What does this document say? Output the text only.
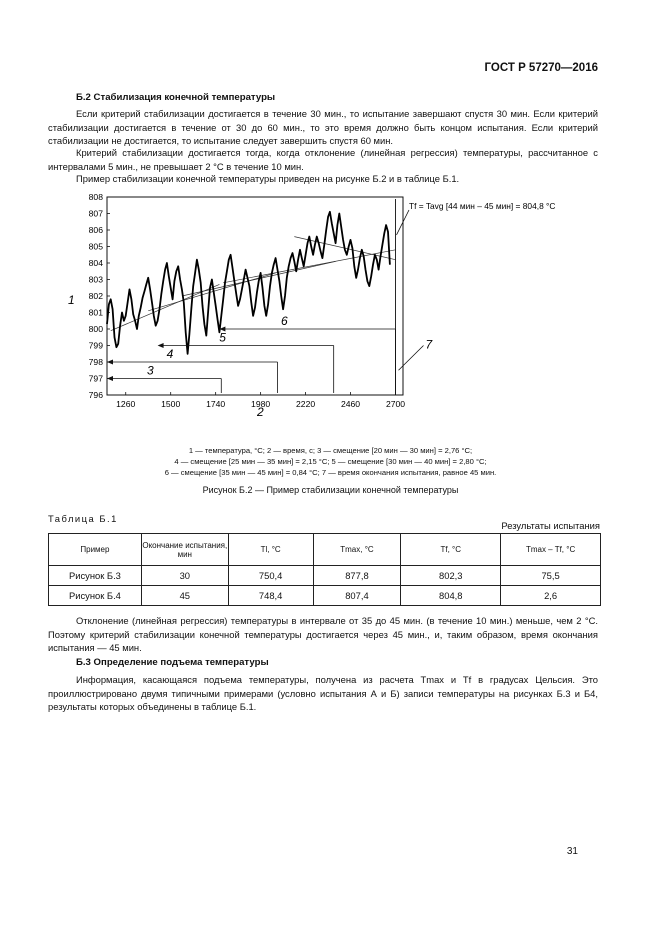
ГОСТ Р 57270—2016
Б.2 Стабилизация конечной температуры

Если критерий стабилизации достигается в течение 30 мин., то испытание завершают спустя 30 мин. Если критерий стабилизации достигается в течение от 30 до 60 мин., то это время должно быть концом испытания. Если критерий стабилизации не достигается, то испытание следует завершить спустя 60 мин.

Критерий стабилизации достигается тогда, когда отклонение (линейная регрессия) температуры, рассчитанное с интервалами 5 мин., не превышает 2 °С в течение 10 мин.

Пример стабилизации конечной температуры приведен на рисунке Б.2 и в таблице Б.1.

796
797
798
799
800
801
802
803
804
805
806
807
808
1260	1500	1740	1980	2220	2460	2700
3
4
5
6
7
1
2
Tf = Tavg [44 мин – 45 мин] = 804,8 °С
1 — температура, °С; 2 — время, с; 3 — смещение [20 мин — 30 мин] = 2,76 °С;
4 — смещение [25 мин — 35 мин] = 2,15 °С; 5 — смещение [30 мин — 40 мин] = 2,80 °С;
6 — смещение [35 мин — 45 мин] = 0,84 °С; 7 — время окончания испытания, равное 45 мин.
Рисунок Б.2 — Пример стабилизации конечной температуры
Таблица Б.1
Результаты испытания
Пример	Окончание испытания, мин	Tl, °С	Tmax, °С	Tf, °С	Tmax – Tf, °С
Рисунок Б.3	30	750,4	877,8	802,3	75,5
Рисунок Б.4	45	748,4	807,4	804,8	2,6

Отклонение (линейная регрессия) температуры в интервале от 35 до 45 мин. (в течение 10 мин.) меньше, чем 2 °С. Поэтому критерий стабилизации конечной температуры достигается через 45 мин., и, таким образом, время окончания испытания — 45 мин.

Б.3 Определение подъема температуры

Информация, касающаяся подъема температуры, получена из расчета Tmax и Tf в градусах Цельсия. Это проиллюстрировано двумя типичными примерами (условно испытания А и Б) записи температуры на рисунках Б.3 и Б4, результаты которых объединены в таблице Б.1.

31
